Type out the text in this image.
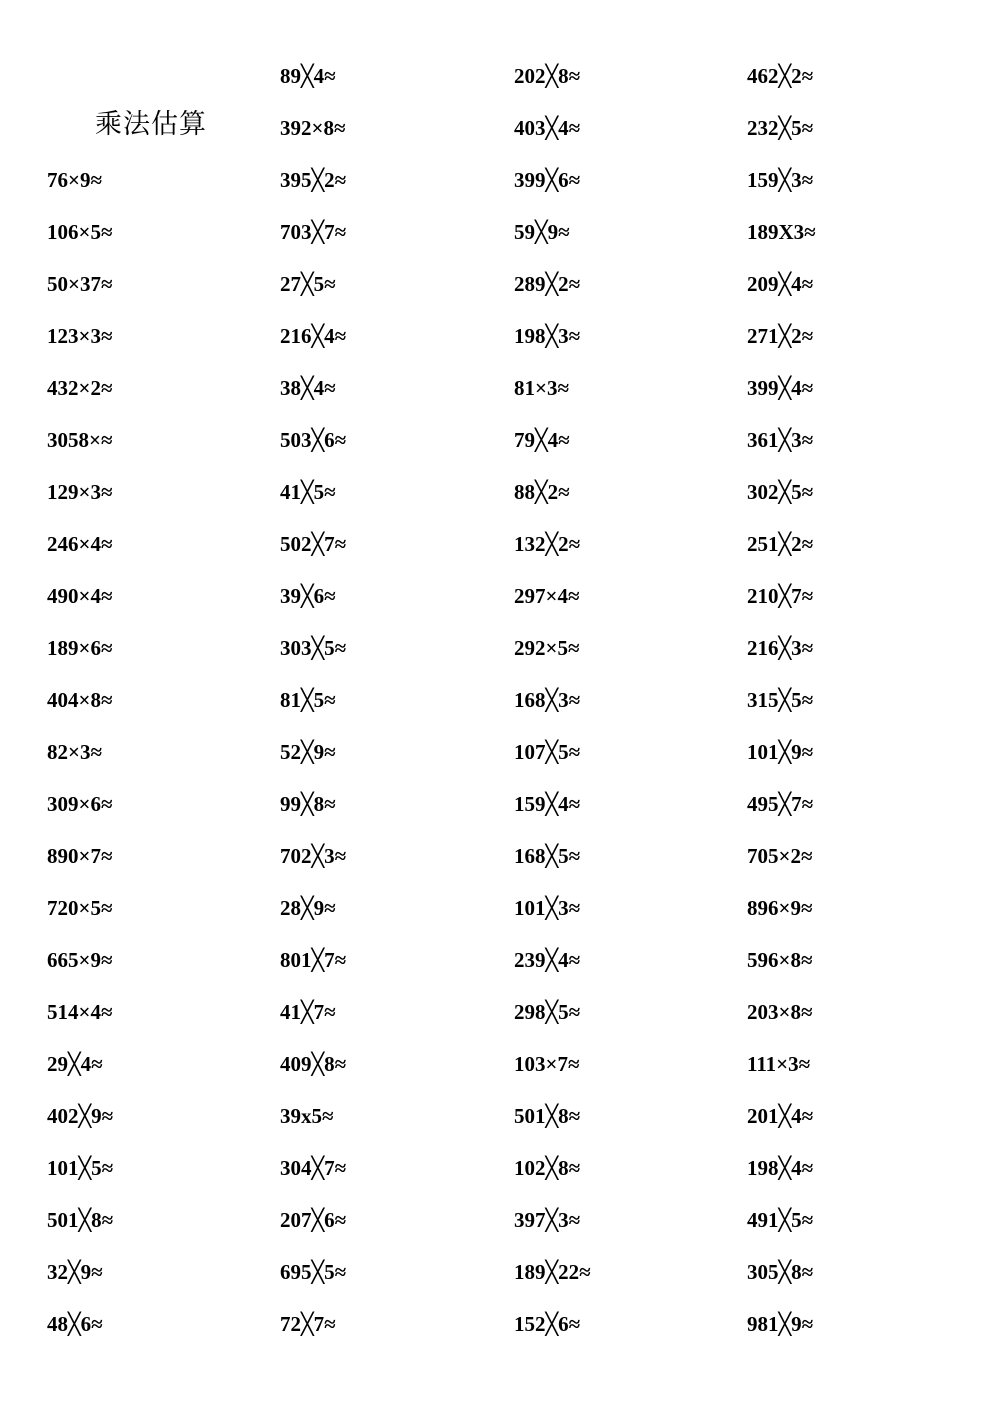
乘法估算
76×9≈
106×5≈
50×37≈
123×3≈
432×2≈
3058×≈
129×3≈
246×4≈
490×4≈
189×6≈
404×8≈
82×3≈
309×6≈
890×7≈
720×5≈
665×9≈
514×4≈
29╳4≈
402╳9≈
101╳5≈
501╳8≈
32╳9≈
48╳6≈
89╳4≈
392×8≈
395╳2≈
703╳7≈
27╳5≈
216╳4≈
38╳4≈
503╳6≈
41╳5≈
502╳7≈
39╳6≈
303╳5≈
81╳5≈
52╳9≈
99╳8≈
702╳3≈
28╳9≈
801╳7≈
41╳7≈
409╳8≈
39x5≈
304╳7≈
207╳6≈
695╳5≈
72╳7≈
202╳8≈
403╳4≈
399╳6≈
59╳9≈
289╳2≈
198╳3≈
81×3≈
79╳4≈
88╳2≈
132╳2≈
297×4≈
292×5≈
168╳3≈
107╳5≈
159╳4≈
168╳5≈
101╳3≈
239╳4≈
298╳5≈
103×7≈
501╳8≈
102╳8≈
397╳3≈
189╳22≈
152╳6≈
462╳2≈
232╳5≈
159╳3≈
189X3≈
209╳4≈
271╳2≈
399╳4≈
361╳3≈
302╳5≈
251╳2≈
210╳7≈
216╳3≈
315╳5≈
101╳9≈
495╳7≈
705×2≈
896×9≈
596×8≈
203×8≈
111×3≈
201╳4≈
198╳4≈
491╳5≈
305╳8≈
981╳9≈
